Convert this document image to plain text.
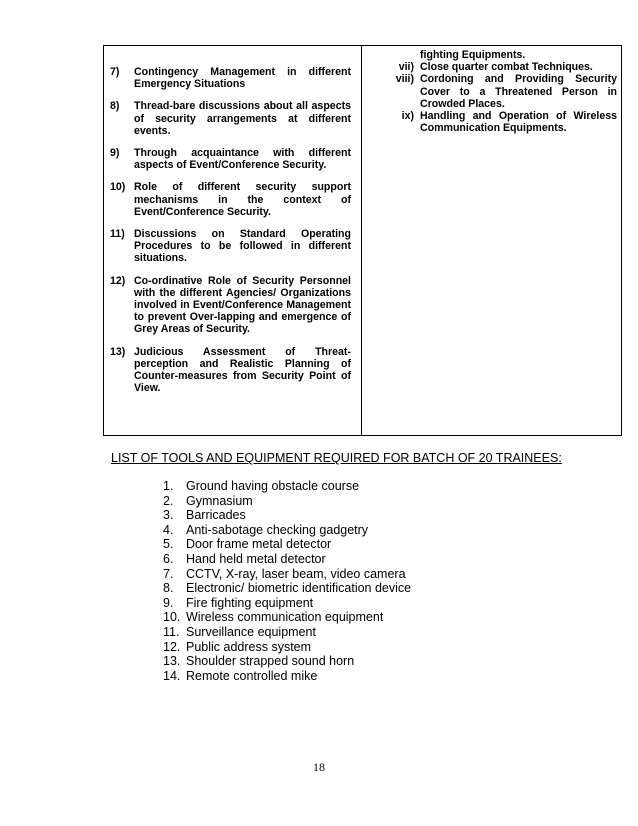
7)	Contingency Management in different Emergency Situations
8)	Thread-bare discussions about all aspects of security arrangements at different events.
9)	Through acquaintance with different aspects of Event/Conference Security.
10) Role of different security support mechanisms in the context of Event/Conference Security.
11) Discussions on Standard Operating Procedures to be followed in different situations.
12) Co-ordinative Role of Security Personnel with the different Agencies/ Organizations involved in Event/Conference Management to prevent Over-lapping and emergence of Grey Areas of Security.
13) Judicious Assessment of Threat-perception and Realistic Planning of Counter-measures from Security Point of View.
fighting Equipments.
vii) Close quarter combat Techniques.
viii) Cordoning and Providing Security Cover to a Threatened Person in Crowded Places.
ix) Handling and Operation of Wireless Communication Equipments.
LIST OF TOOLS AND EQUIPMENT REQUIRED FOR BATCH OF 20 TRAINEES:
1.	Ground having obstacle course
2.	Gymnasium
3.	Barricades
4.	Anti-sabotage checking gadgetry
5.	Door frame metal detector
6.	Hand held metal detector
7.	CCTV, X-ray, laser beam, video camera
8.	Electronic/ biometric identification device
9.	Fire fighting equipment
10. Wireless communication equipment
11. Surveillance equipment
12. Public address system
13. Shoulder strapped sound horn
14. Remote controlled mike
18
